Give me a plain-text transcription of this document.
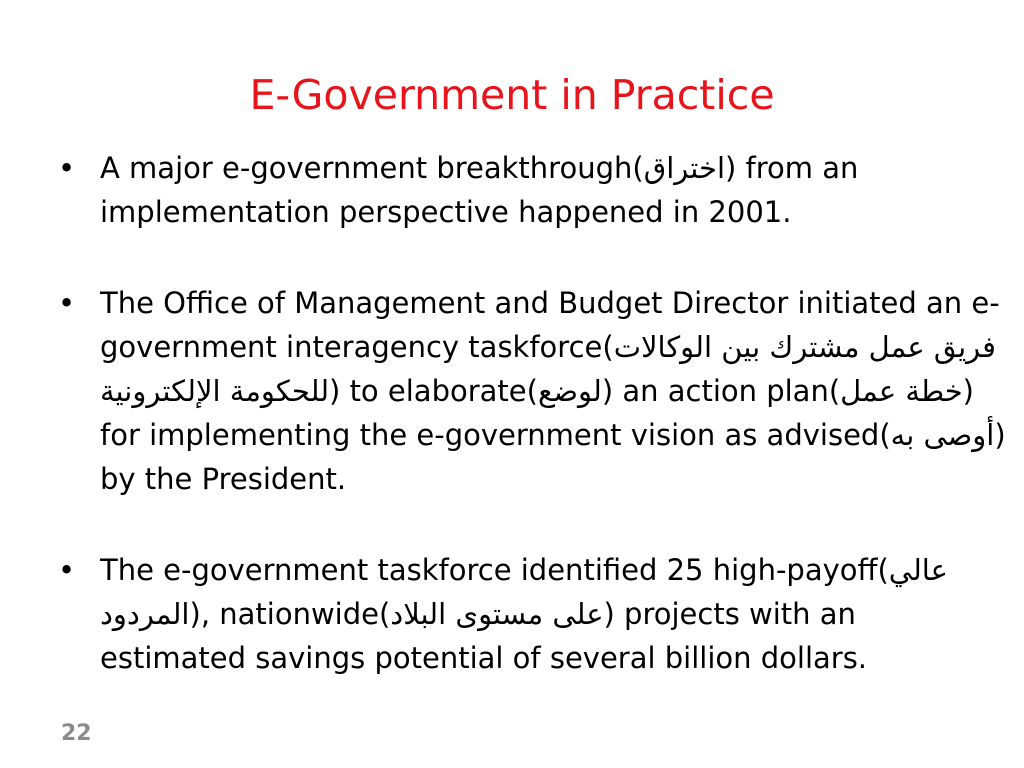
E-Government in Practice
• A major e-government breakthrough(اختراق) from an implementation perspective happened in 2001.
• The Office of Management and Budget Director initiated an e-government interagency taskforce(فريق عمل مشترك بين الوكالات للحكومة الإلكترونية) to elaborate(لوضع) an action plan(خطة عمل) for implementing the e-government vision as advised(أوصى به) by the President.
• The e-government taskforce identified 25 high-payoff(عالي المردود), nationwide(على مستوى البلاد) projects with an estimated savings potential of several billion dollars.
22
